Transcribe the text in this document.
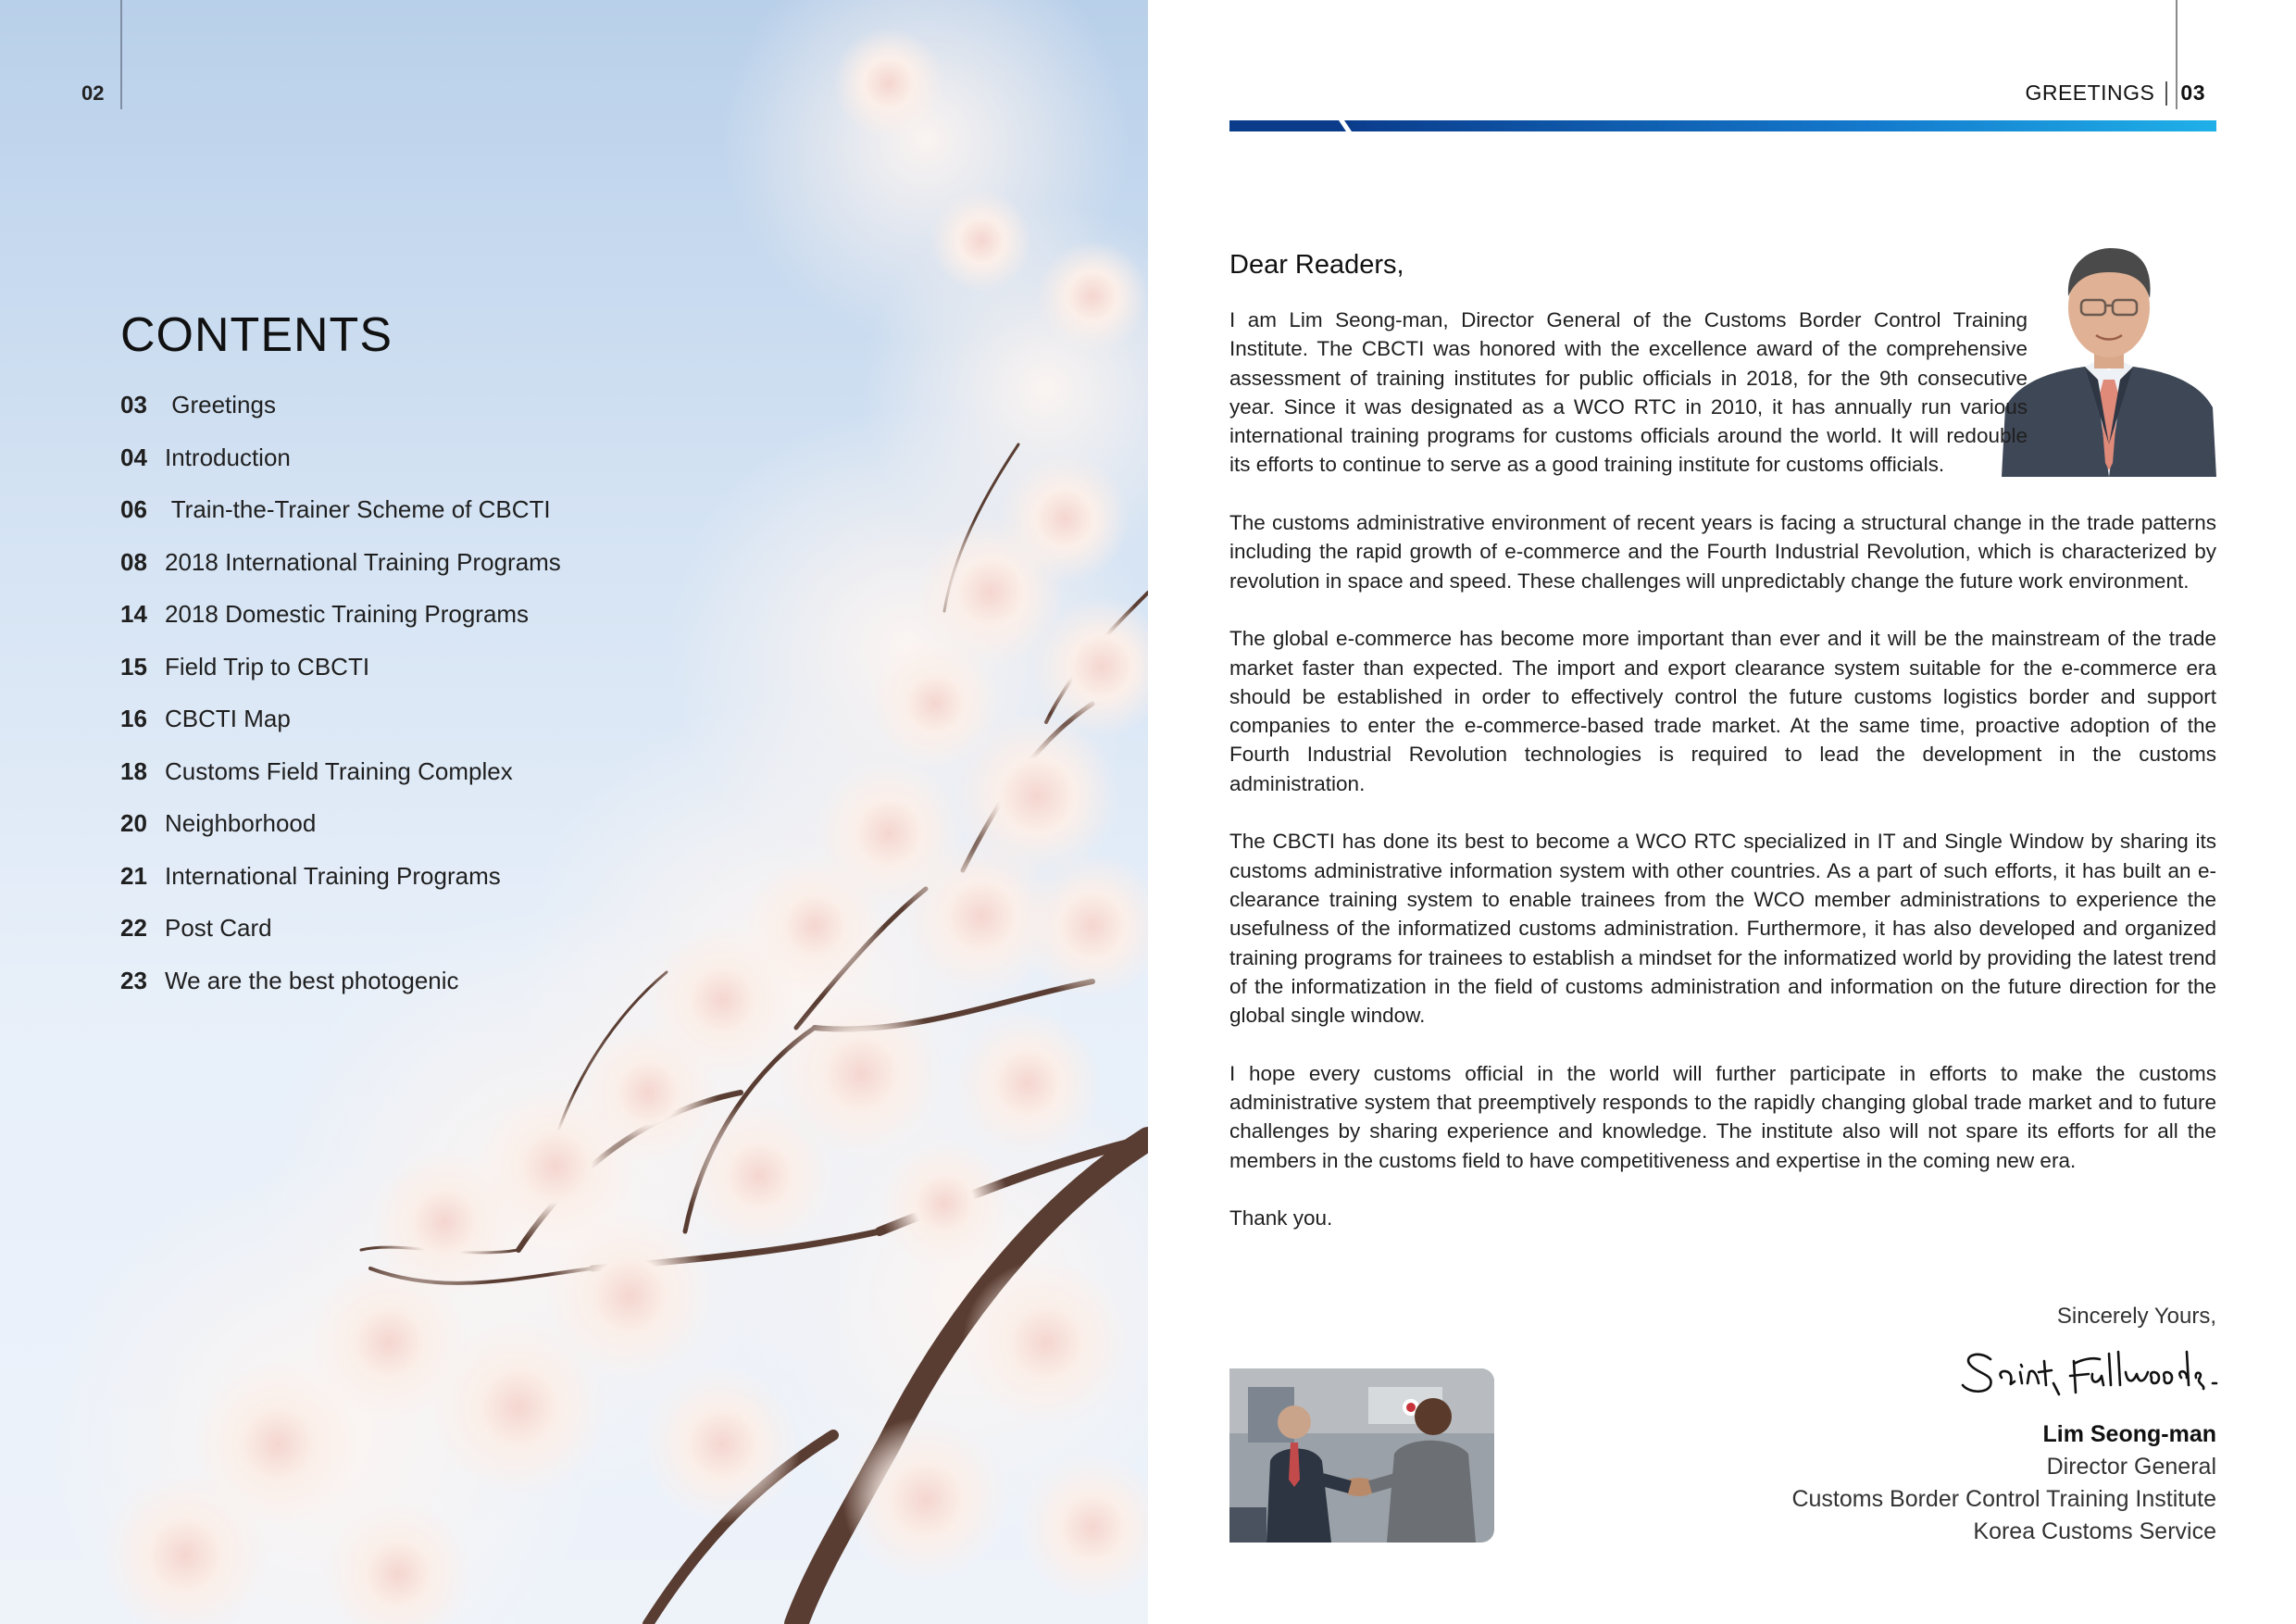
02
CONTENTS
03 Greetings
04 Introduction
06 Train-the-Trainer Scheme of CBCTI
08 2018 International Training Programs
14 2018 Domestic Training Programs
15 Field Trip to CBCTI
16 CBCTI Map
18 Customs Field Training Complex
20 Neighborhood
21 International Training Programs
22 Post Card
23 We are the best photogenic
GREETINGS 03
Dear Readers,

I am Lim Seong-man, Director General of the Customs Border Control Training Institute. The CBCTI was honored with the excellence award of the comprehensive assessment of training institutes for public officials in 2018, for the 9th consecutive year. Since it was designated as a WCO RTC in 2010, it has annually run various international training programs for customs officials around the world. It will redouble its efforts to continue to serve as a good training institute for customs officials.

The customs administrative environment of recent years is facing a structural change in the trade patterns including the rapid growth of e-commerce and the Fourth Industrial Revolution, which is characterized by revolution in space and speed. These challenges will unpredictably change the future work environment.

The global e-commerce has become more important than ever and it will be the mainstream of the trade market faster than expected. The import and export clearance system suitable for the e-commerce era should be established in order to effectively control the future customs logistics border and support companies to enter the e-commerce-based trade market. At the same time, proactive adoption of the Fourth Industrial Revolution technologies is required to lead the development in the customs administration.

The CBCTI has done its best to become a WCO RTC specialized in IT and Single Window by sharing its customs administrative information system with other countries. As a part of such efforts, it has built an e-clearance training system to enable trainees from the WCO member administrations to experience the usefulness of the informatized customs administration. Furthermore, it has also developed and organized training programs for trainees to establish a mindset for the informatized world by providing the latest trend of the informatization in the field of customs administration and information on the future direction for the global single window.

I hope every customs official in the world will further participate in efforts to make the customs administrative system that preemptively responds to the rapidly changing global trade market and to future challenges by sharing experience and knowledge. The institute also will not spare its efforts for all the members in the customs field to have competitiveness and expertise in the coming new era.

Thank you.

Sincerely Yours,
Lim Seong-man
Director General
Customs Border Control Training Institute
Korea Customs Service
